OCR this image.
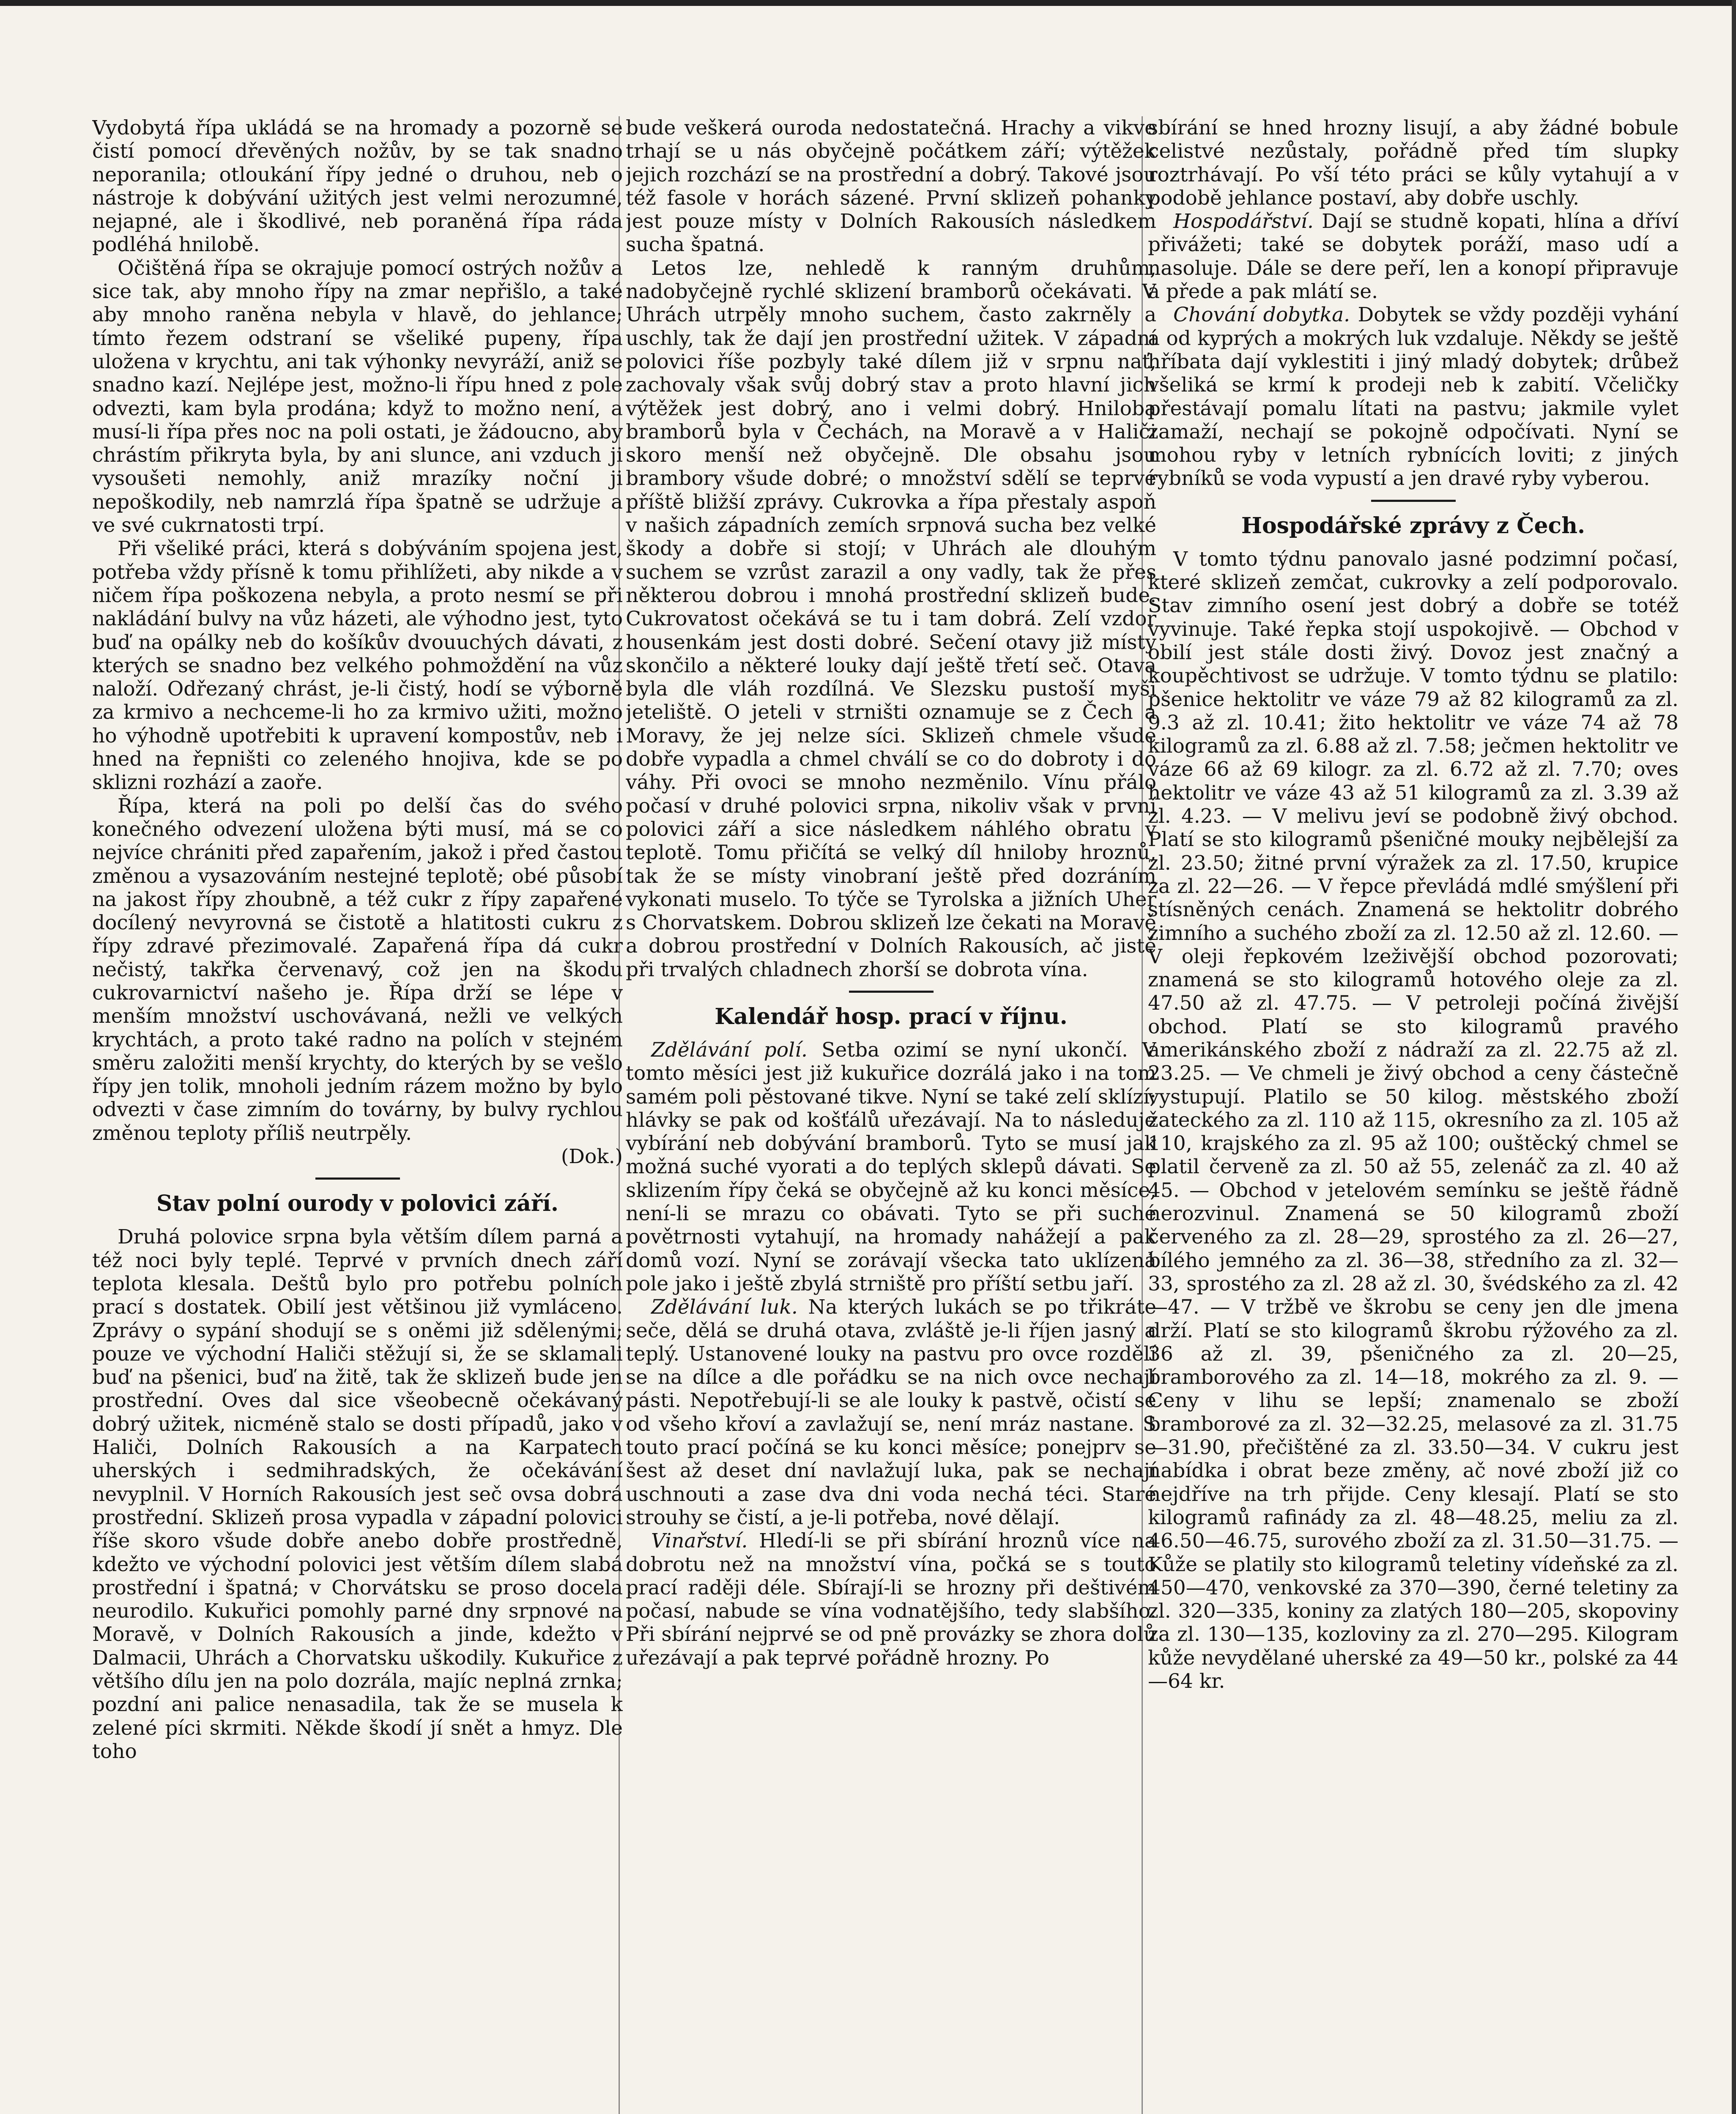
Vydobytá řípa ukládá se na hromady a pozorně se čistí pomocí dřevěných nožův, by se tak snadno neporanila; otloukání řípy jedné o druhou, neb o nástroje k dobývání užitých jest velmi nerozumné, nejapné, ale i škodlivé, neb poraněná řípa ráda podléhá hnilobě.

Očištěná řípa se okrajuje pomocí ostrých nožův a sice tak, aby mnoho řípy na zmar nepřišlo, a také aby mnoho raněna nebyla v hlavě, do jehlance; tímto řezem odstraní se všeliké pupeny, řípa uložena v krychtu, ani tak výhonky nevyráží, aniž se snadno kazí. Nejlépe jest, možno-li řípu hned z pole odvezti, kam byla prodána; když to možno není, a musí-li řípa přes noc na poli ostati, je žádoucno, aby chrástím přikryta byla, by ani slunce, ani vzduch ji vysoušeti nemohly, aniž mrazíky noční ji nepoškodily, neb namrzlá řípa špatně se udržuje a ve své cukrnatosti trpí.

Při všeliké práci, která s dobýváním spojena jest, potřeba vždy přísně k tomu přihlížeti, aby nikde a v ničem řípa poškozena nebyla, a proto nesmí se při nakládání bulvy na vůz házeti, ale výhodno jest, tyto buď na opálky neb do košíkův dvouuchých dávati, z kterých se snadno bez velkého pohmoždění na vůz naloží. Odřezaný chrást, je-li čistý, hodí se výborně za krmivo a nechceme-li ho za krmivo užiti, možno ho výhodně upotřebiti k upravení kompostův, neb i hned na řepništi co zeleného hnojiva, kde se po sklizni rozhází a zaoře.

Řípa, která na poli po delší čas do svého konečného odvezení uložena býti musí, má se co nejvíce chrániti před zapařením, jakož i před častou změnou a vysazováním nestejné teplotě; obé působí na jakost řípy zhoubně, a též cukr z řípy zapařené docílený nevyrovná se čistotě a hlatitosti cukru z řípy zdravé přezimovalé. Zapařená řípa dá cukr nečistý, takřka červenavý, což jen na škodu cukrovarnictví našeho je. Řípa drží se lépe v menším množství uschovávaná, nežli ve velkých krychtách, a proto také radno na polích v stejném směru založiti menší krychty, do kterých by se vešlo řípy jen tolik, mnoholi jedním rázem možno by bylo odvezti v čase zimním do továrny, by bulvy rychlou změnou teploty příliš neutrpěly.

(Dok.)

Stav polní ourody v polovici září.

Druhá polovice srpna byla větším dílem parná a též noci byly teplé. Teprvé v prvních dnech září teplota klesala. Deštů bylo pro potřebu polních prací s dostatek. Obilí jest většinou již vymláceno. Zprávy o sypání shodují se s oněmi již sdělenými; pouze ve východní Haliči stěžují si, že se sklamali buď na pšenici, buď na žitě, tak že sklizeň bude jen prostřední. Oves dal sice všeobecně očekávaný dobrý užitek, nicméně stalo se dosti případů, jako v Haliči, Dolních Rakousích a na Karpatech uherských i sedmihradských, že očekávání nevyplnil. V Horních Rakousích jest seč ovsa dobrá prostřední. Sklizeň prosa vypadla v západní polovici říše skoro všude dobře anebo dobře prostředně, kdežto ve východní polovici jest větším dílem slabá prostřední i špatná; v Chorvátsku se proso docela neurodilo. Kukuřici pomohly parné dny srpnové na Moravě, v Dolních Rakousích a jinde, kdežto v Dalmacii, Uhrách a Chorvatsku uškodily. Kukuřice z většího dílu jen na polo dozrála, majíc neplná zrnka; pozdní ani palice nenasadila, tak že se musela k zelené píci skrmiti. Někde škodí jí snět a hmyz. Dle toho

bude veškerá ouroda nedostatečná. Hrachy a vikve trhají se u nás obyčejně počátkem září; výtěžek jejich rozchází se na prostřední a dobrý. Takové jsou též fasole v horách sázené. První sklizeň pohanky jest pouze místy v Dolních Rakousích následkem sucha špatná.

Letos lze, nehledě k ranným druhům, nadobyčejně rychlé sklizení bramborů očekávati. V Uhrách utrpěly mnoho suchem, často zakrněly a uschly, tak že dají jen prostřední užitek. V západní polovici říše pozbyly také dílem již v srpnu nať, zachovaly však svůj dobrý stav a proto hlavní jich výtěžek jest dobrý, ano i velmi dobrý. Hniloba bramborů byla v Čechách, na Moravě a v Haliči skoro menší než obyčejně. Dle obsahu jsou brambory všude dobré; o množství sdělí se teprvé příště bližší zprávy. Cukrovka a řípa přestaly aspoň v našich západních zemích srpnová sucha bez velké škody a dobře si stojí; v Uhrách ale dlouhým suchem se vzrůst zarazil a ony vadly, tak že přes některou dobrou i mnohá prostřední sklizeň bude. Cukrovatost očekává se tu i tam dobrá. Zelí vzdor housenkám jest dosti dobré. Sečení otavy již místy skončilo a některé louky dají ještě třetí seč. Otava byla dle vláh rozdílná. Ve Slezsku pustoší myši jeteliště. O jeteli v strništi oznamuje se z Čech a Moravy, že jej nelze síci. Sklizeň chmele všude dobře vypadla a chmel chválí se co do dobroty i do váhy. Při ovoci se mnoho nezměnilo. Vínu přálo počasí v druhé polovici srpna, nikoliv však v první polovici září a sice následkem náhlého obratu v teplotě. Tomu přičítá se velký díl hniloby hroznů, tak že se místy vinobraní ještě před dozráním vykonati muselo. To týče se Tyrolska a jižních Uher s Chorvatskem. Dobrou sklizeň lze čekati na Moravě a dobrou prostřední v Dolních Rakousích, ač jistě při trvalých chladnech zhorší se dobrota vína.

Kalendář hosp. prací v říjnu.

Zdělávání polí. Setba ozimí se nyní ukončí. V tomto měsíci jest již kukuřice dozrálá jako i na tom samém poli pěstované tikve. Nyní se také zelí sklízí; hlávky se pak od košťálů uřezávají. Na to následuje vybírání neb dobývání bramborů. Tyto se musí jak možná suché vyorati a do teplých sklepů dávati. Se sklizením řípy čeká se obyčejně až ku konci měsíce, není-li se mrazu co obávati. Tyto se při suché povětrnosti vytahují, na hromady nahážejí a pak domů vozí. Nyní se zorávají všecka tato uklízená pole jako i ještě zbylá strniště pro příští setbu jaří.

Zdělávání luk. Na kterých lukách se po třikráte seče, dělá se druhá otava, zvláště je-li říjen jasný a teplý. Ustanovené louky na pastvu pro ovce rozdělí se na dílce a dle pořádku se na nich ovce nechají pásti. Nepotřebují-li se ale louky k pastvě, očistí se od všeho křoví a zavlažují se, není mráz nastane. S touto prací počíná se ku konci měsíce; ponejprv se šest až deset dní navlažují luka, pak se nechají uschnouti a zase dva dni voda nechá téci. Staré strouhy se čistí, a je-li potřeba, nové dělají.

Vinařství. Hledí-li se při sbírání hroznů více na dobrotu než na množství vína, počká se s touto prací raději déle. Sbírají-li se hrozny při deštivém počasí, nabude se vína vodnatějšího, tedy slabšího. Při sbírání nejprvé se od pně provázky se zhora dolů uřezávají a pak teprvé pořádně hrozny. Po

sbírání se hned hrozny lisují, a aby žádné bobule celistvé nezůstaly, pořádně před tím slupky roztrhávají. Po vší této práci se kůly vytahují a v podobě jehlance postaví, aby dobře uschly.

Hospodářství. Dají se studně kopati, hlína a dříví přivážeti; také se dobytek poráží, maso udí a nasoluje. Dále se dere peří, len a konopí připravuje a přede a pak mlátí se.

Chování dobytka. Dobytek se vždy později vyhání a od kyprých a mokrých luk vzdaluje. Někdy se ještě hříbata dají vyklestiti i jiný mladý dobytek; drůbež všeliká se krmí k prodeji neb k zabití. Včeličky přestávají pomalu lítati na pastvu; jakmile vylet zamaží, nechají se pokojně odpočívati. Nyní se mohou ryby v letních rybnících loviti; z jiných rybníků se voda vypustí a jen dravé ryby vyberou.

Hospodářské zprávy z Čech.

V tomto týdnu panovalo jasné podzimní počasí, které sklizeň zemčat, cukrovky a zelí podporovalo. Stav zimního osení jest dobrý a dobře se totéž vyvinuje. Také řepka stojí uspokojivě. — Obchod v obilí jest stále dosti živý. Dovoz jest značný a koupěchtivost se udržuje. V tomto týdnu se platilo: pšenice hektolitr ve váze 79 až 82 kilogramů za zl. 9.3 až zl. 10.41; žito hektolitr ve váze 74 až 78 kilogramů za zl. 6.88 až zl. 7.58; ječmen hektolitr ve váze 66 až 69 kilogr. za zl. 6.72 až zl. 7.70; oves hektolitr ve váze 43 až 51 kilogramů za zl. 3.39 až zl. 4.23. — V melivu jeví se podobně živý obchod. Platí se sto kilogramů pšeničné mouky nejbělejší za zl. 23.50; žitné první výražek za zl. 17.50, krupice za zl. 22—26. — V řepce převládá mdlé smýšlení při stísněných cenách. Znamená se hektolitr dobrého zimního a suchého zboží za zl. 12.50 až zl. 12.60. — V oleji řepkovém lzeživější obchod pozorovati; znamená se sto kilogramů hotového oleje za zl. 47.50 až zl. 47.75. — V petroleji počíná živější obchod. Platí se sto kilogramů pravého amerikánského zboží z nádraží za zl. 22.75 až zl. 23.25. — Ve chmeli je živý obchod a ceny částečně vystupují. Platilo se 50 kilog. městského zboží žateckého za zl. 110 až 115, okresního za zl. 105 až 110, krajského za zl. 95 až 100; ouštěcký chmel se platil červeně za zl. 50 až 55, zelenáč za zl. 40 až 45. — Obchod v jetelovém semínku se ještě řádně nerozvinul. Znamená se 50 kilogramů zboží červeného za zl. 28—29, sprostého za zl. 26—27, bílého jemného za zl. 36—38, středního za zl. 32—33, sprostého za zl. 28 až zl. 30, švédského za zl. 42—47. — V tržbě ve škrobu se ceny jen dle jmena drží. Platí se sto kilogramů škrobu rýžového za zl. 36 až zl. 39, pšeničného za zl. 20—25, bramborového za zl. 14—18, mokrého za zl. 9. — Ceny v lihu se lepší; znamenalo se zboží bramborové za zl. 32—32.25, melasové za zl. 31.75—31.90, přečištěné za zl. 33.50—34. V cukru jest nabídka i obrat beze změny, ač nové zboží již co nejdříve na trh přijde. Ceny klesají. Platí se sto kilogramů rafinády za zl. 48—48.25, meliu za zl. 46.50—46.75, surového zboží za zl. 31.50—31.75. — Kůže se platily sto kilogramů teletiny vídeňské za zl. 450—470, venkovské za 370—390, černé teletiny za zl. 320—335, koniny za zlatých 180—205, skopoviny za zl. 130—135, kozloviny za zl. 270—295. Kilogram kůže nevydělané uherské za 49—50 kr., polské za 44—64 kr.
